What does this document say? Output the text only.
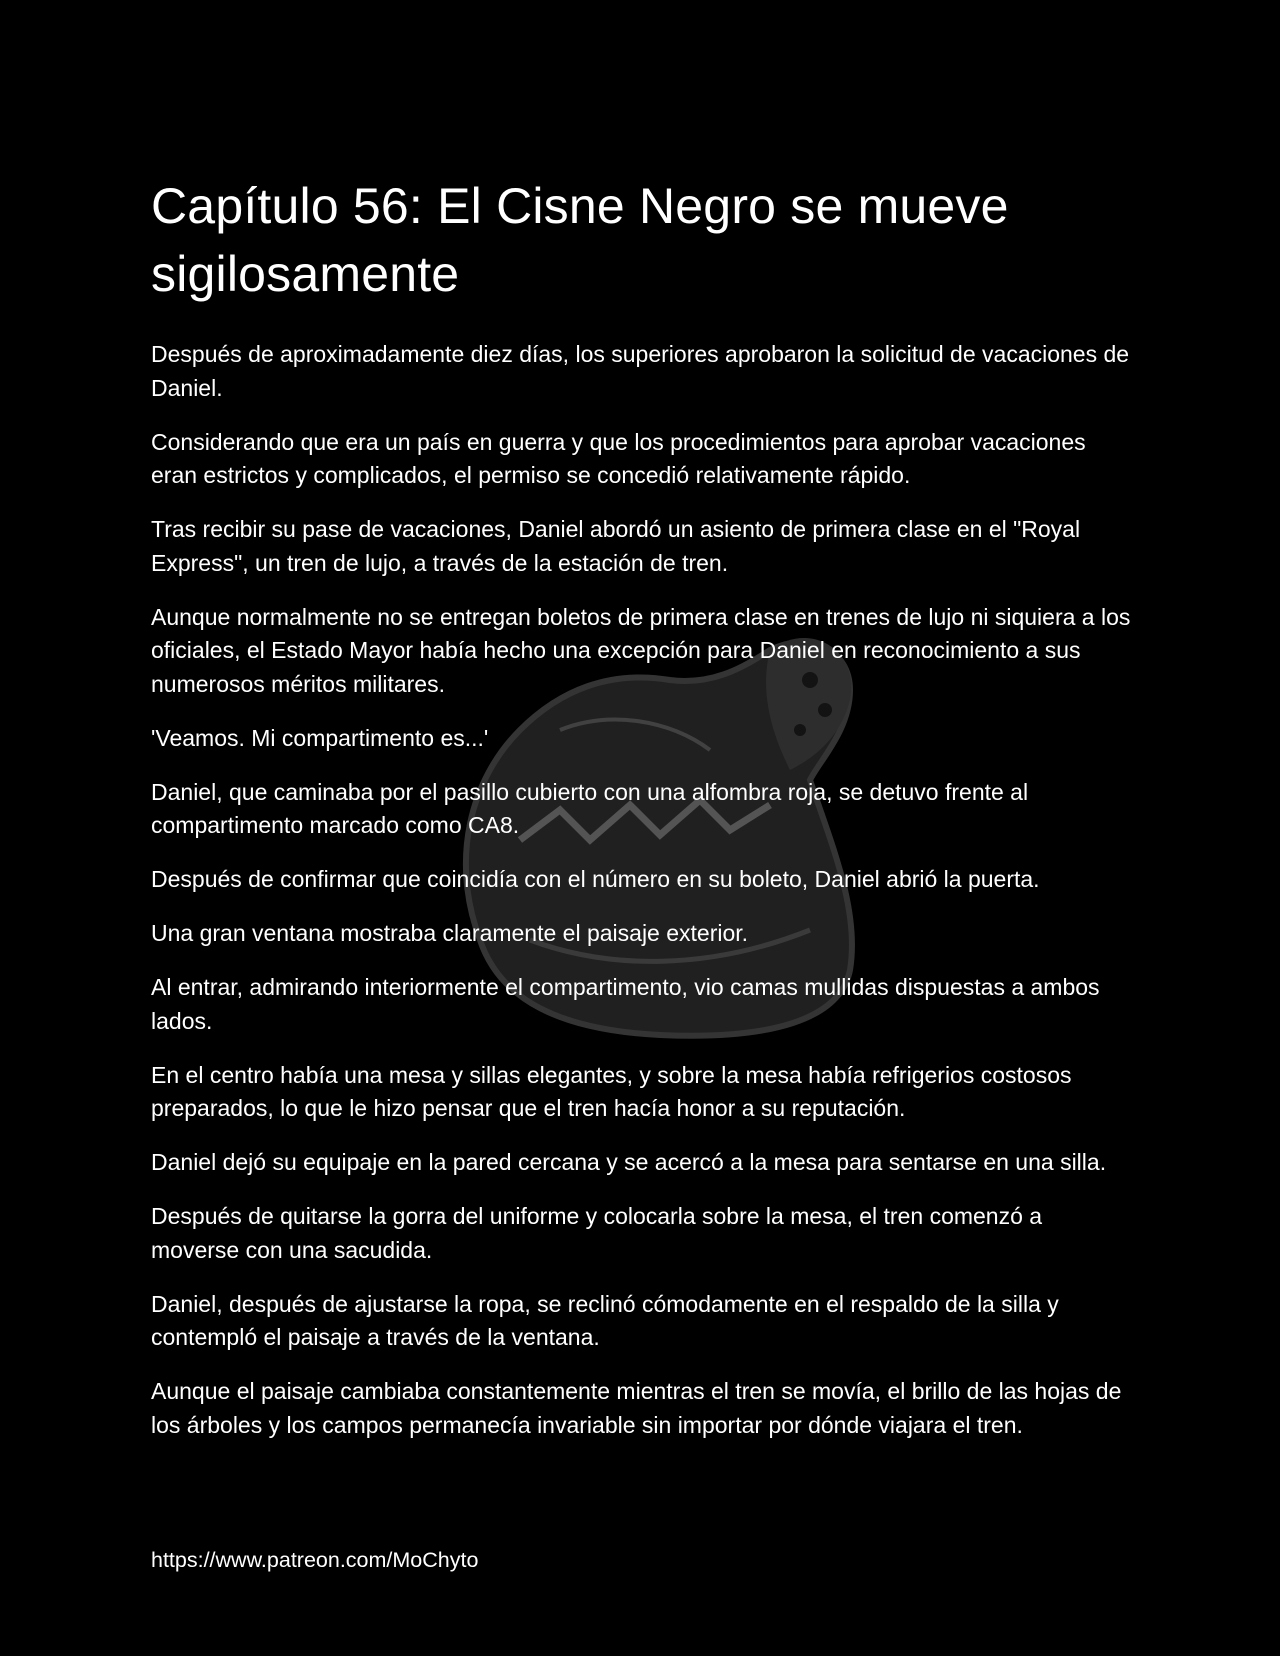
Capítulo 56: El Cisne Negro se mueve sigilosamente

Después de aproximadamente diez días, los superiores aprobaron la solicitud de vacaciones de Daniel.

Considerando que era un país en guerra y que los procedimientos para aprobar vacaciones eran estrictos y complicados, el permiso se concedió relativamente rápido.

Tras recibir su pase de vacaciones, Daniel abordó un asiento de primera clase en el "Royal Express", un tren de lujo, a través de la estación de tren.

Aunque normalmente no se entregan boletos de primera clase en trenes de lujo ni siquiera a los oficiales, el Estado Mayor había hecho una excepción para Daniel en reconocimiento a sus numerosos méritos militares.

'Veamos. Mi compartimento es...'

Daniel, que caminaba por el pasillo cubierto con una alfombra roja, se detuvo frente al compartimento marcado como CA8.

Después de confirmar que coincidía con el número en su boleto, Daniel abrió la puerta.

Una gran ventana mostraba claramente el paisaje exterior.

Al entrar, admirando interiormente el compartimento, vio camas mullidas dispuestas a ambos lados.

En el centro había una mesa y sillas elegantes, y sobre la mesa había refrigerios costosos preparados, lo que le hizo pensar que el tren hacía honor a su reputación.

Daniel dejó su equipaje en la pared cercana y se acercó a la mesa para sentarse en una silla.

Después de quitarse la gorra del uniforme y colocarla sobre la mesa, el tren comenzó a moverse con una sacudida.

Daniel, después de ajustarse la ropa, se reclinó cómodamente en el respaldo de la silla y contempló el paisaje a través de la ventana.

Aunque el paisaje cambiaba constantemente mientras el tren se movía, el brillo de las hojas de los árboles y los campos permanecía invariable sin importar por dónde viajara el tren.

https://www.patreon.com/MoChyto
